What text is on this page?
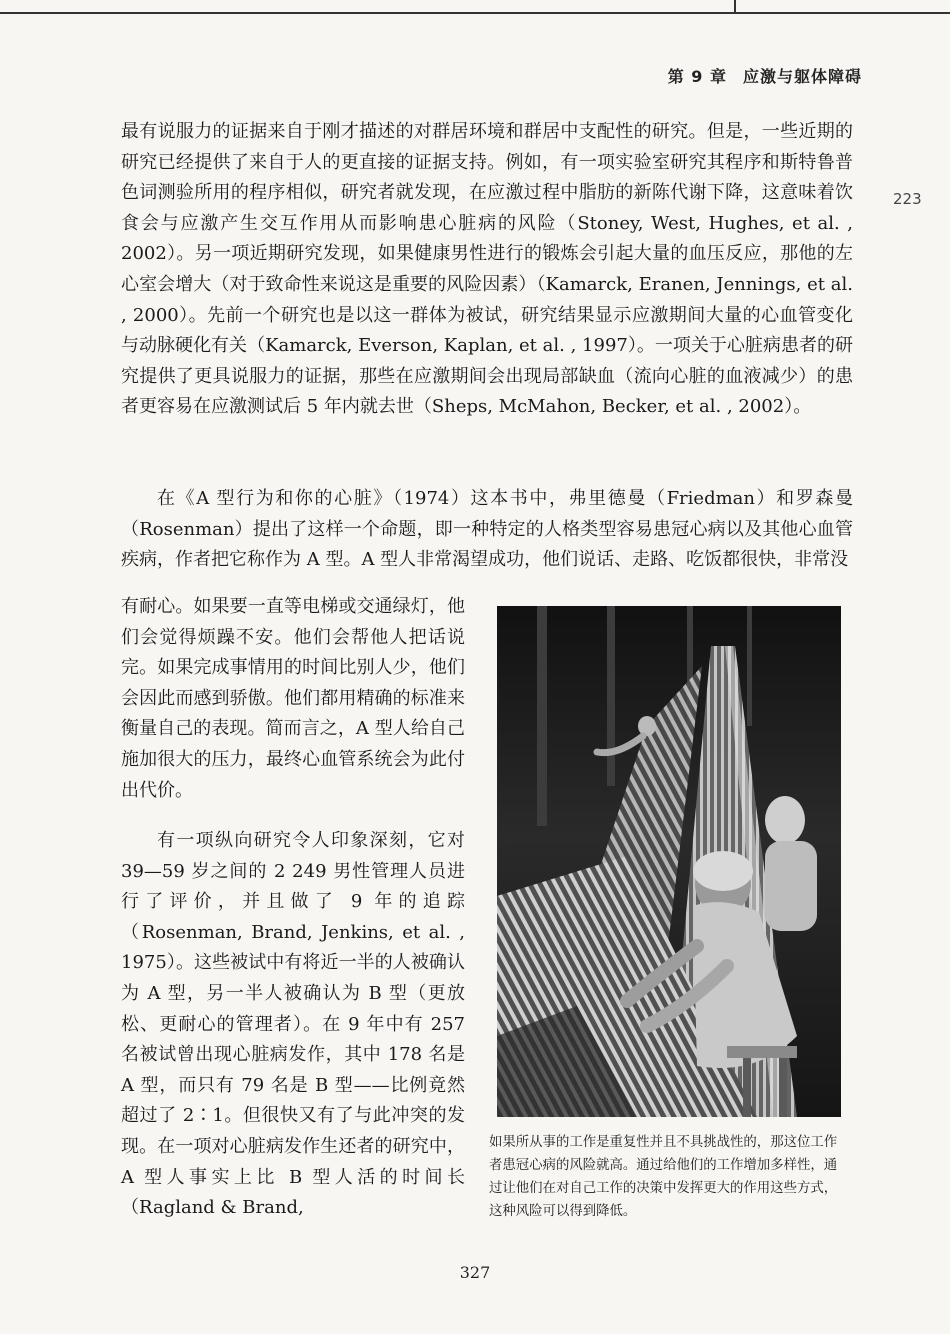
第 9 章 应激与躯体障碍
223

最有说服力的证据来自于刚才描述的对群居环境和群居中支配性的研究。但是，一些近期的研究已经提供了来自于人的更直接的证据支持。例如，有一项实验室研究其程序和斯特鲁普色词测验所用的程序相似，研究者就发现，在应激过程中脂肪的新陈代谢下降，这意味着饮食会与应激产生交互作用从而影响患心脏病的风险（Stoney, West, Hughes, et al. , 2002）。另一项近期研究发现，如果健康男性进行的锻炼会引起大量的血压反应，那他的左心室会增大（对于致命性来说这是重要的风险因素）（Kamarck, Eranen, Jennings, et al. , 2000）。先前一个研究也是以这一群体为被试，研究结果显示应激期间大量的心血管变化与动脉硬化有关（Kamarck, Everson, Kaplan, et al. , 1997）。一项关于心脏病患者的研究提供了更具说服力的证据，那些在应激期间会出现局部缺血（流向心脏的血液减少）的患者更容易在应激测试后 5 年内就去世（Sheps, McMahon, Becker, et al. , 2002）。

在《A 型行为和你的心脏》（1974）这本书中，弗里德曼（Friedman）和罗森曼（Rosenman）提出了这样一个命题，即一种特定的人格类型容易患冠心病以及其他心血管疾病，作者把它称作为 A 型。A 型人非常渴望成功，他们说话、走路、吃饭都很快，非常没

有耐心。如果要一直等电梯或交通绿灯，他们会觉得烦躁不安。他们会帮他人把话说完。如果完成事情用的时间比别人少，他们会因此而感到骄傲。他们都用精确的标准来衡量自己的表现。简而言之，A 型人给自己施加很大的压力，最终心血管系统会为此付出代价。

有一项纵向研究令人印象深刻，它对 39—59 岁之间的 2 249 男性管理人员进行了评价，并且做了 9 年的追踪（Rosenman, Brand, Jenkins, et al. , 1975）。这些被试中有将近一半的人被确认为 A 型，另一半人被确认为 B 型（更放松、更耐心的管理者）。在 9 年中有 257 名被试曾出现心脏病发作，其中 178 名是 A 型，而只有 79 名是 B 型——比例竟然超过了 2∶1。但很快又有了与此冲突的发现。在一项对心脏病发作生还者的研究中，A 型人事实上比 B 型人活的时间长（Ragland & Brand,

如果所从事的工作是重复性并且不具挑战性的，那这位工作者患冠心病的风险就高。通过给他们的工作增加多样性，通过让他们在对自己工作的决策中发挥更大的作用这些方式，这种风险可以得到降低。

327
